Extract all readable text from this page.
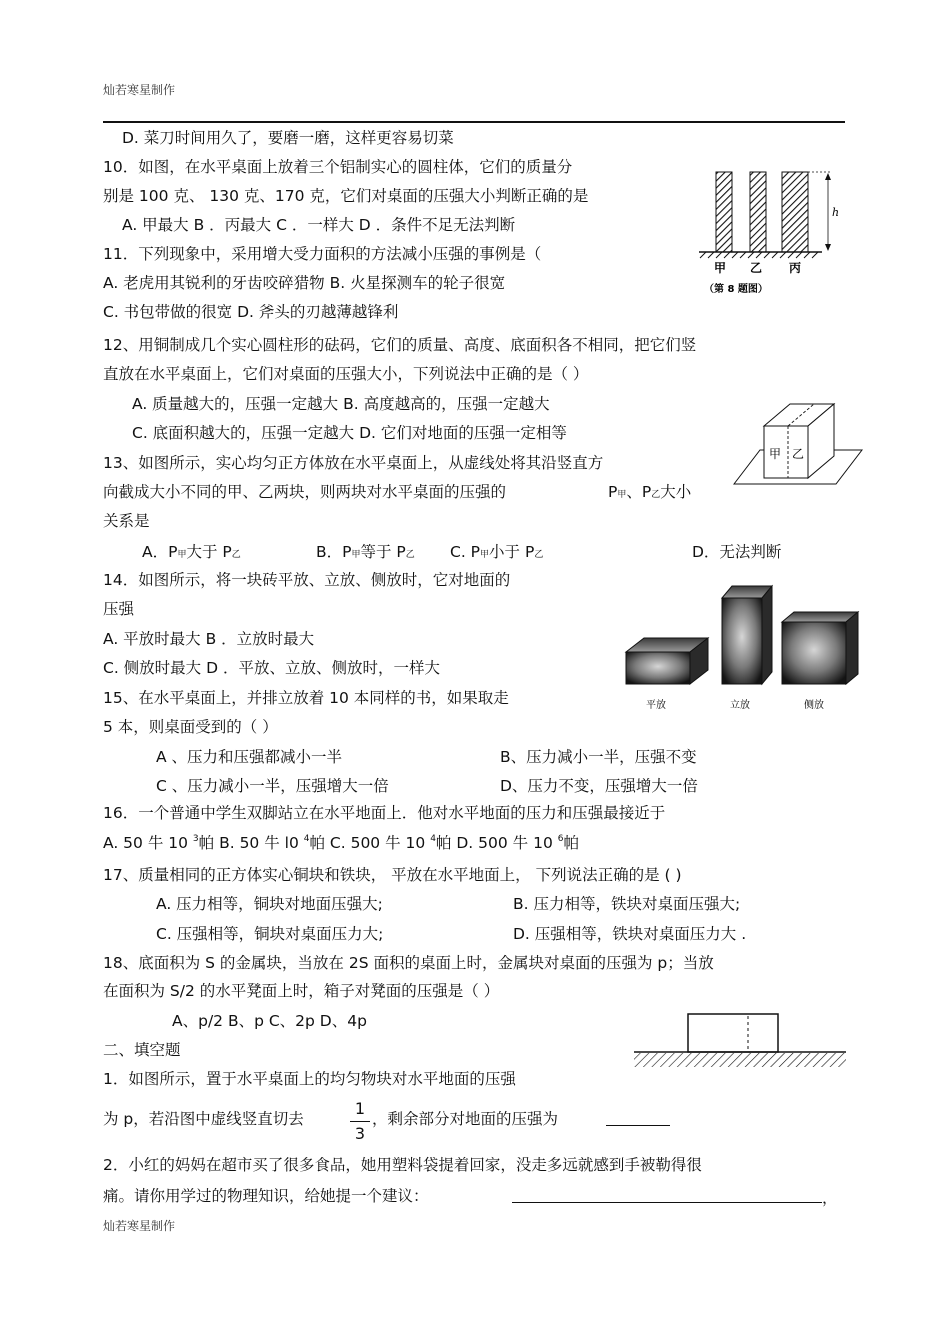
灿若寒星制作
D. 菜刀时间用久了，要磨一磨，这样更容易切菜
10．如图，在水平桌面上放着三个铝制实心的圆柱体，它们的质量分
别是 100 克、 130 克、170 克，它们对桌面的压强大小判断正确的是
A. 甲最大 B ．丙最大 C ．一样大 D ．条件不足无法判断
11．下列现象中，采用增大受力面积的方法减小压强的事例是（
A. 老虎用其锐利的牙齿咬碎猎物 B. 火星探测车的轮子很宽
C. 书包带做的很宽 D. 斧头的刃越薄越锋利
12、用铜制成几个实心圆柱形的砝码，它们的质量、高度、底面积各不相同，把它们竖
直放在水平桌面上，它们对桌面的压强大小，下列说法中正确的是（ ）
A. 质量越大的，压强一定越大 B. 高度越高的，压强一定越大
C. 底面积越大的，压强一定越大 D. 它们对地面的压强一定相等
13、如图所示，实心均匀正方体放在水平桌面上，从虚线处将其沿竖直方
向截成大小不同的甲、乙两块，则两块对水平桌面的压强的	P甲、P乙大小
关系是
A．P甲大于 P乙	B．P甲等于 P乙 C. P甲小于 P乙	D．无法判断
14．如图所示，将一块砖平放、立放、侧放时，它对地面的
压强
A. 平放时最大 B ．立放时最大
C. 侧放时最大 D ．平放、立放、侧放时，一样大
15、在水平桌面上，并排立放着 10 本同样的书，如果取走
5 本，则桌面受到的（ ）
A 、压力和压强都减小一半	B、压力减小一半，压强不变
C 、压力减小一半，压强增大一倍	D、压力不变，压强增大一倍
16．一个普通中学生双脚站立在水平地面上．他对水平地面的压力和压强最接近于
A. 50 牛 10 $^3$帕 B. 50 牛 l0 $^4$帕 C. 500 牛 10 $^4$帕 D. 500 牛 10 $^6$帕
17、质量相同的正方体实心铜块和铁块， 平放在水平地面上， 下列说法正确的是 ( )
A. 压力相等，铜块对地面压强大;	B. 压力相等，铁块对桌面压强大;
C. 压强相等，铜块对桌面压力大;	D. 压强相等，铁块对桌面压力大 .
18、底面积为 S 的金属块，当放在 2S 面积的桌面上时，金属块对桌面的压强为 p；当放
在面积为 S/2 的水平凳面上时，箱子对凳面的压强是（ ）
A、p/2 B、p C、2p D、4p
二、填空题
1．如图所示，置于水平桌面上的均匀物块对水平地面的压强
为 p，若沿图中虚线竖直切去
1
3
，剩余部分对地面的压强为
2．小红的妈妈在超市买了很多食品，她用塑料袋提着回家，没走多远就感到手被勒得很
痛。请你用学过的物理知识，给她提一个建议：	，
灿若寒星制作
h
甲 乙 丙
（第 8 题图）
甲 乙
平放	立放	侧放
